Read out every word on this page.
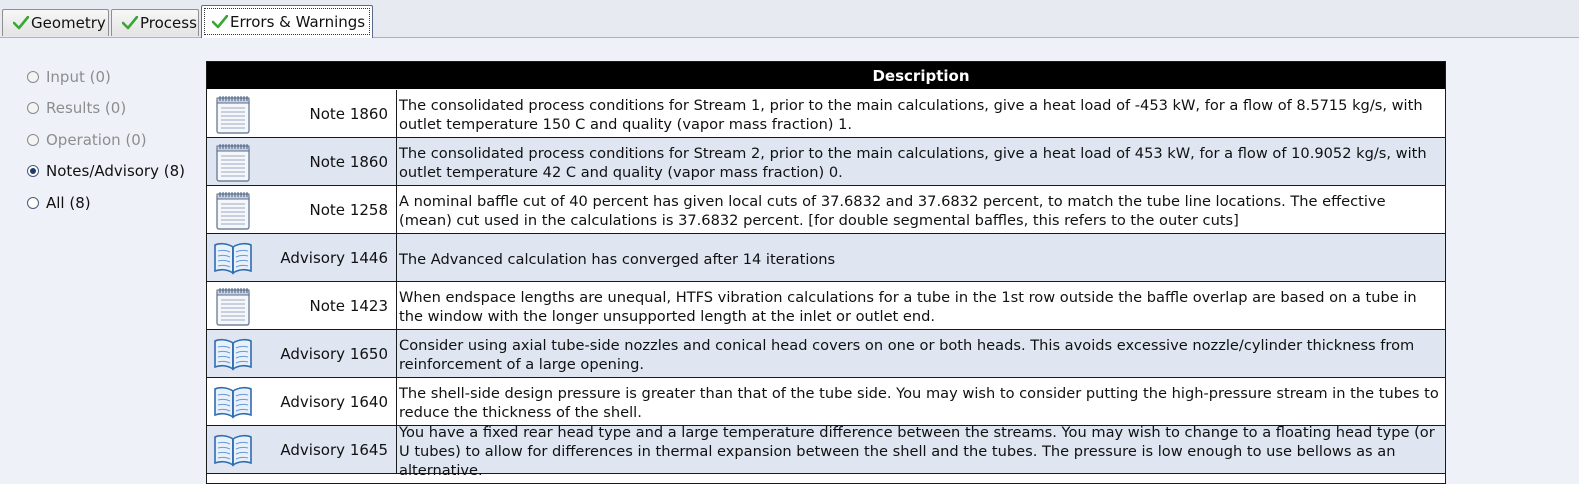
Geometry Process Errors & Warnings
Input (0)
Results (0)
Operation (0)
Notes/Advisory (8)
All (8)
Description
Note 1860 The consolidated process conditions for Stream 1, prior to the main calculations, give a heat load of -453 kW, for a flow of 8.5715 kg/s, with outlet temperature 150 C and quality (vapor mass fraction) 1.
Note 1860 The consolidated process conditions for Stream 2, prior to the main calculations, give a heat load of 453 kW, for a flow of 10.9052 kg/s, with outlet temperature 42 C and quality (vapor mass fraction) 0.
Note 1258 A nominal baffle cut of 40 percent has given local cuts of 37.6832 and 37.6832 percent, to match the tube line locations. The effective (mean) cut used in the calculations is 37.6832 percent. [for double segmental baffles, this refers to the outer cuts]
Advisory 1446 The Advanced calculation has converged after 14 iterations
Note 1423 When endspace lengths are unequal, HTFS vibration calculations for a tube in the 1st row outside the baffle overlap are based on a tube in the window with the longer unsupported length at the inlet or outlet end.
Advisory 1650 Consider using axial tube-side nozzles and conical head covers on one or both heads. This avoids excessive nozzle/cylinder thickness from reinforcement of a large opening.
Advisory 1640 The shell-side design pressure is greater than that of the tube side. You may wish to consider putting the high-pressure stream in the tubes to reduce the thickness of the shell.
Advisory 1645
You have a fixed rear head type and a large temperature difference between the streams. You may wish to change to a floating head type (or U tubes) to allow for differences in thermal expansion between the shell and the tubes. The pressure is low enough to use bellows as an alternative.
